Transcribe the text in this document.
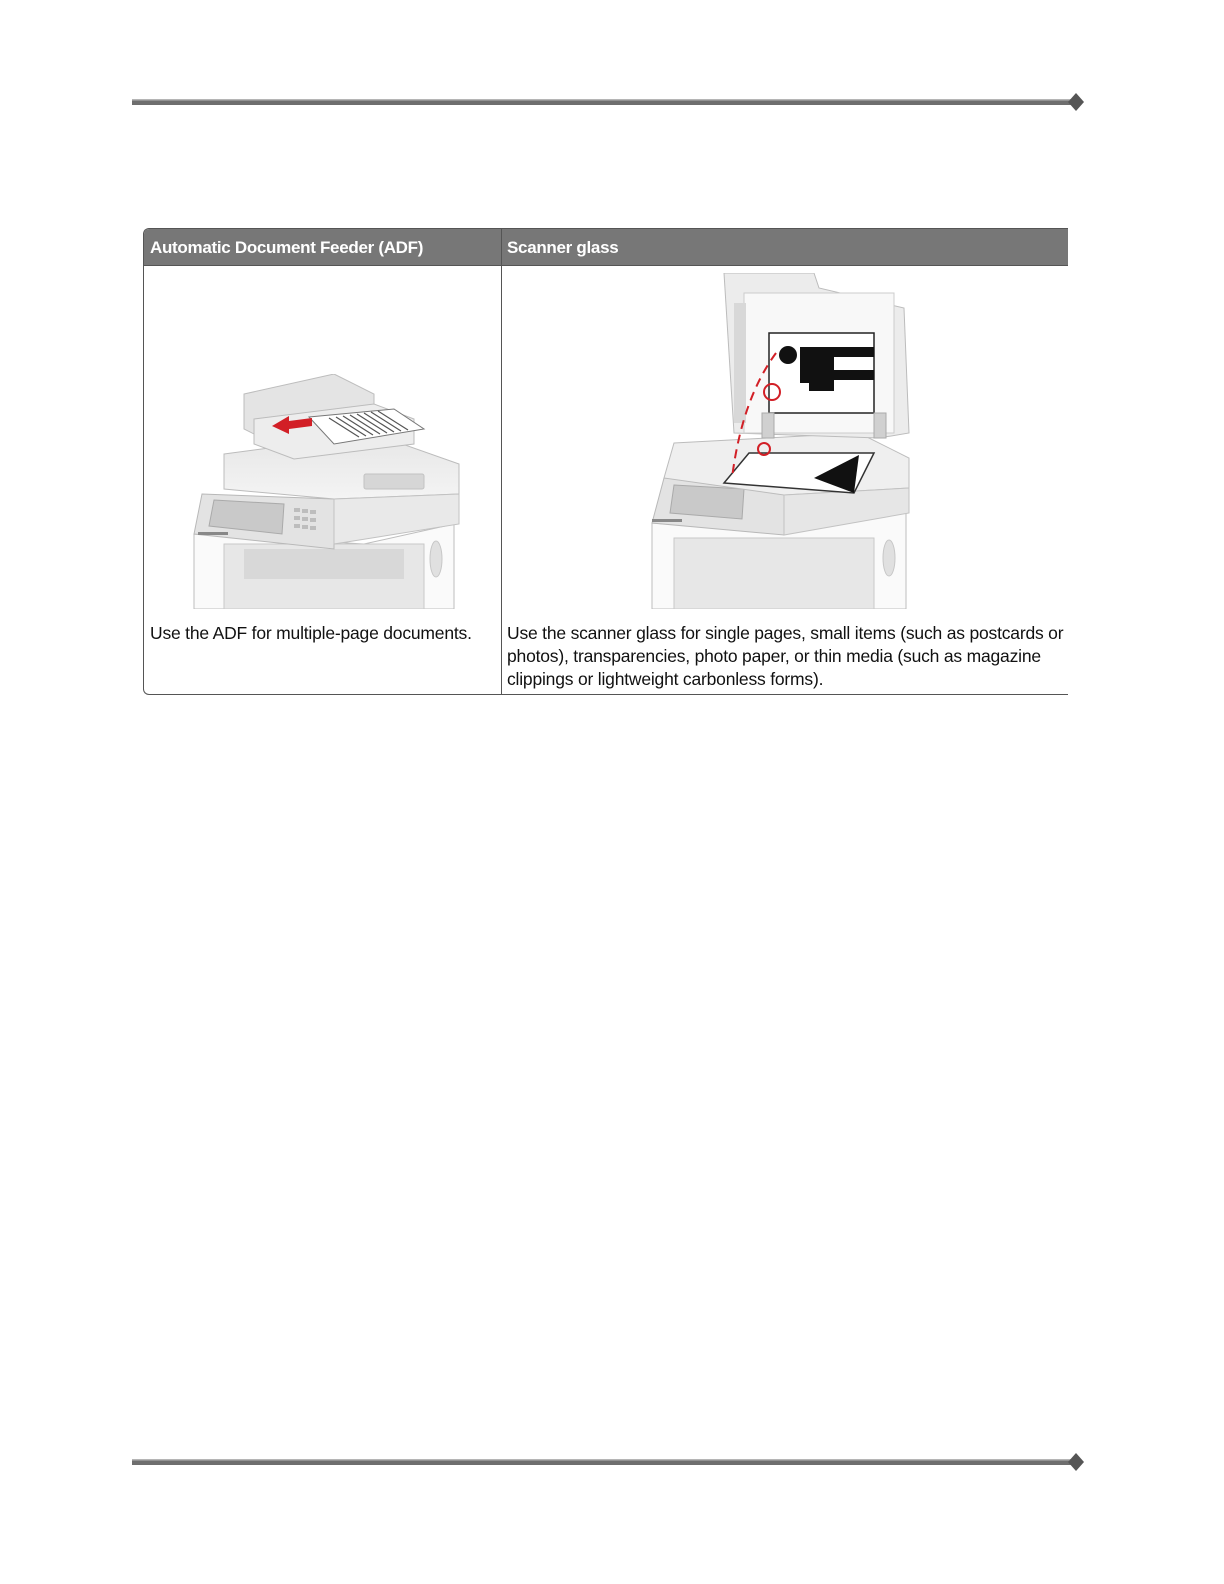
Automatic Document Feeder (ADF)	Scanner glass
Use the ADF for multiple-page documents.	Use the scanner glass for single pages, small items (such as postcards or photos), transparencies, photo paper, or thin media (such as magazine clippings or lightweight carbonless forms).
